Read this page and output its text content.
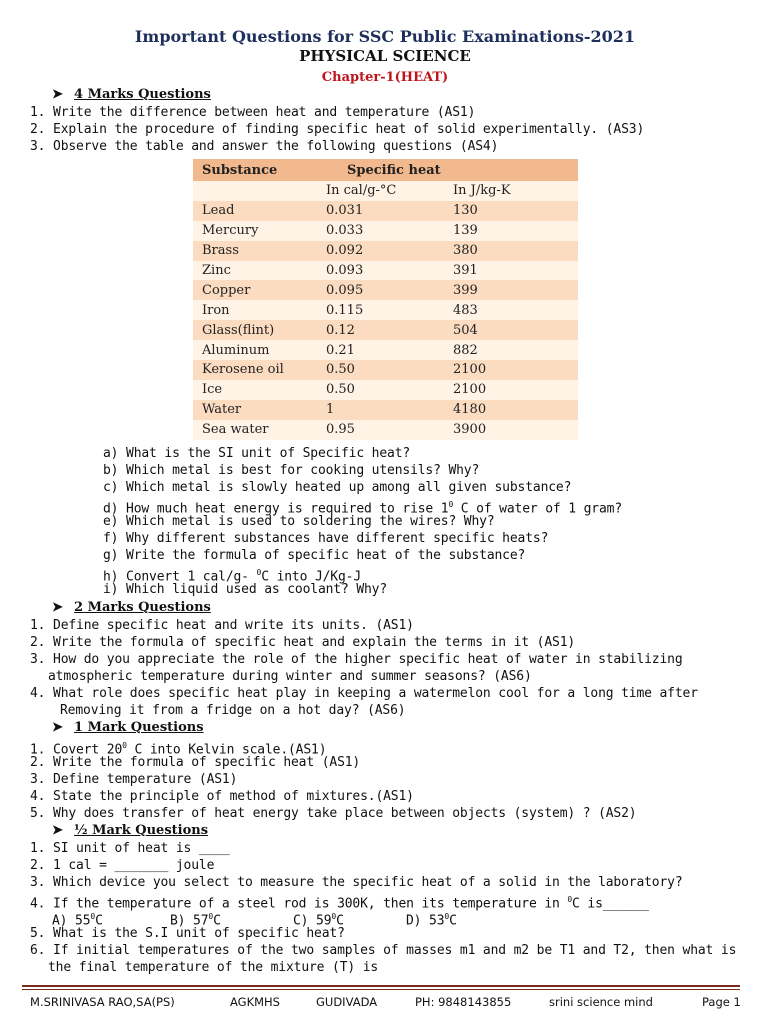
Important Questions for SSC Public Examinations-2021
PHYSICAL SCIENCE
Chapter-1(HEAT)
➤ 4 Marks Questions
1. Write the difference between heat and temperature (AS1)
2. Explain the procedure of finding specific heat of solid experimentally. (AS3)
3. Observe the table and answer the following questions (AS4)
Substance	Specific heat	
	In cal/g-°C	In J/kg-K
Lead	0.031	130
Mercury	0.033	139
Brass	0.092	380
Zinc	0.093	391
Copper	0.095	399
Iron	0.115	483
Glass(flint)	0.12	504
Aluminum	0.21	882
Kerosene oil	0.50	2100
Ice	0.50	2100
Water	1	4180
Sea water	0.95	3900
a) What is the SI unit of Specific heat?
b) Which metal is best for cooking utensils? Why?
c) Which metal is slowly heated up among all given substance?
d) How much heat energy is required to rise $1^0$ C of water of 1 gram?
e) Which metal is used to soldering the wires? Why?
f) Why different substances have different specific heats?
g) Write the formula of specific heat of the substance?
h) Convert 1 cal/g- $^0$C into J/Kg-J
i) Which liquid used as coolant? Why?
➤ 2 Marks Questions
1. Define specific heat and write its units. (AS1)
2. Write the formula of specific heat and explain the terms in it (AS1)
3. How do you appreciate the role of the higher specific heat of water in stabilizing
atmospheric temperature during winter and summer seasons? (AS6)
4. What role does specific heat play in keeping a watermelon cool for a long time after
Removing it from a fridge on a hot day? (AS6)
➤ 1 Mark Questions
1. Covert $20^0$ C into Kelvin scale.(AS1)
2. Write the formula of specific heat (AS1)
3. Define temperature (AS1)
4. State the principle of method of mixtures.(AS1)
5. Why does transfer of heat energy take place between objects (system) ? (AS2)
➤ ½ Mark Questions
1. SI unit of heat is ____
2. 1 cal = _______ joule
3. Which device you select to measure the specific heat of a solid in the laboratory?
4. If the temperature of a steel rod is 300K, then its temperature in $^0$C is______
A) $55^0C$	B) $57^0C$	C) $59^0C$	D) $53^0C$
5. What is the S.I unit of specific heat?
6. If initial temperatures of the two samples of masses m1 and m2 be T1 and T2, then what is
the final temperature of the mixture (T) is
M.SRINIVASA RAO,SA(PS)	AGKMHS	GUDIVADA	PH: 9848143855	srini science mind	Page 1
